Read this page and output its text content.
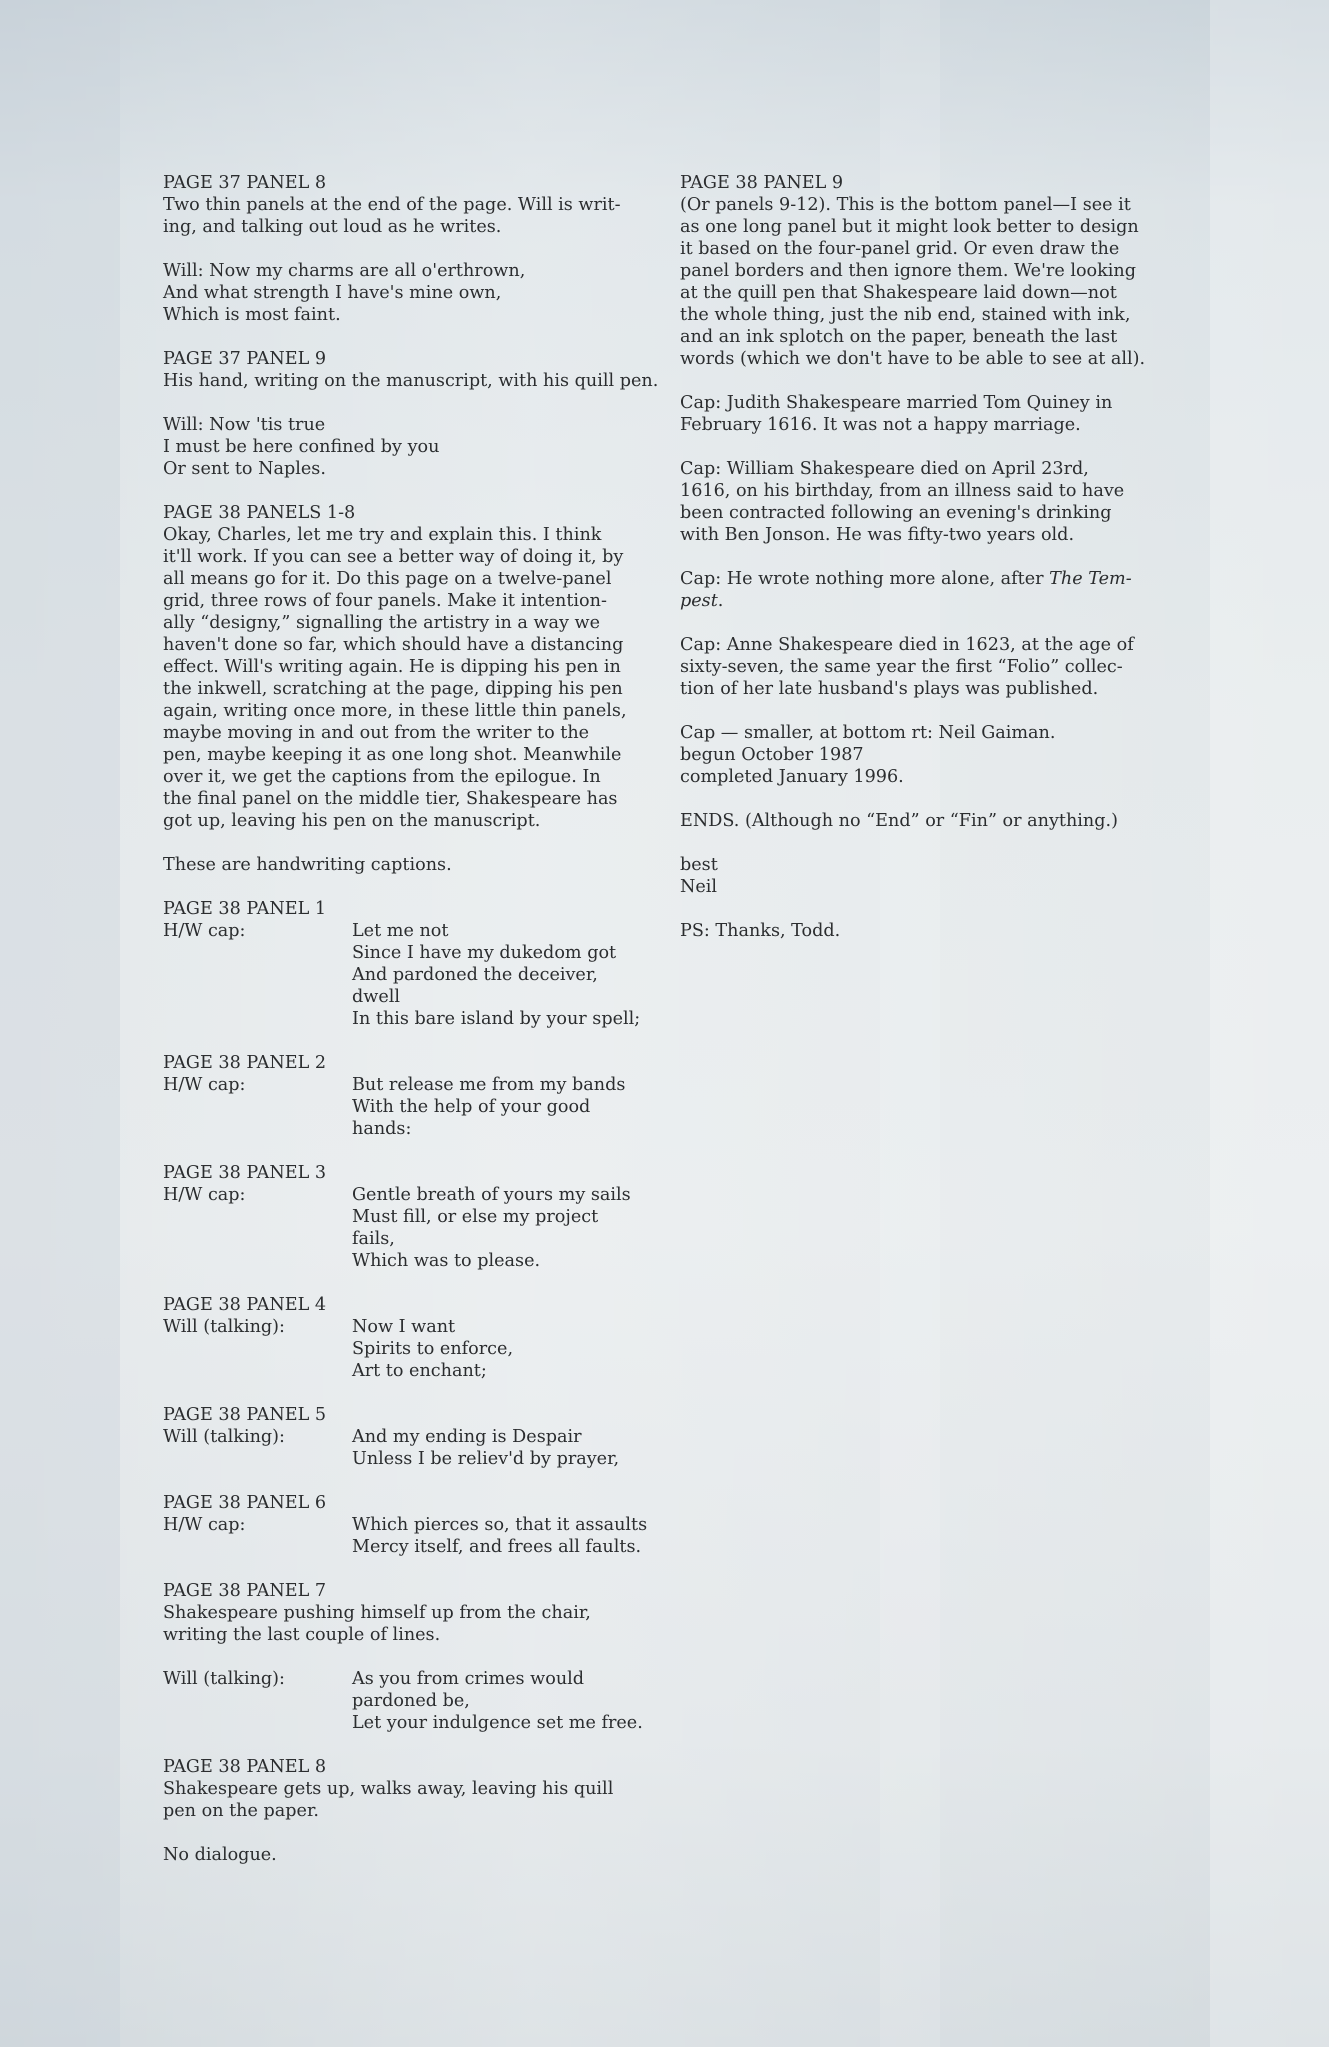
PAGE 37 PANEL 8
Two thin panels at the end of the page. Will is writ-
ing, and talking out loud as he writes.
Will: Now my charms are all o'erthrown,
And what strength I have's mine own,
Which is most faint.
PAGE 37 PANEL 9
His hand, writing on the manuscript, with his quill pen.
Will: Now 'tis true
I must be here confined by you
Or sent to Naples.
PAGE 38 PANELS 1-8
Okay, Charles, let me try and explain this. I think
it'll work. If you can see a better way of doing it, by
all means go for it. Do this page on a twelve-panel
grid, three rows of four panels. Make it intention-
ally “designy,” signalling the artistry in a way we
haven't done so far, which should have a distancing
effect. Will's writing again. He is dipping his pen in
the inkwell, scratching at the page, dipping his pen
again, writing once more, in these little thin panels,
maybe moving in and out from the writer to the
pen, maybe keeping it as one long shot. Meanwhile
over it, we get the captions from the epilogue. In
the final panel on the middle tier, Shakespeare has
got up, leaving his pen on the manuscript.
These are handwriting captions.
PAGE 38 PANEL 1
H/W cap:	Let me not
Since I have my dukedom got
And pardoned the deceiver,
dwell
In this bare island by your spell;
PAGE 38 PANEL 2
H/W cap:	But release me from my bands
With the help of your good
hands:
PAGE 38 PANEL 3
H/W cap:	Gentle breath of yours my sails
Must fill, or else my project
fails,
Which was to please.
PAGE 38 PANEL 4
Will (talking):	Now I want
Spirits to enforce,
Art to enchant;
PAGE 38 PANEL 5
Will (talking):	And my ending is Despair
Unless I be reliev'd by prayer,
PAGE 38 PANEL 6
H/W cap:	Which pierces so, that it assaults
Mercy itself, and frees all faults.
PAGE 38 PANEL 7
Shakespeare pushing himself up from the chair,
writing the last couple of lines.
Will (talking):	As you from crimes would
pardoned be,
Let your indulgence set me free.
PAGE 38 PANEL 8
Shakespeare gets up, walks away, leaving his quill
pen on the paper.
No dialogue.
PAGE 38 PANEL 9
(Or panels 9-12). This is the bottom panel—I see it
as one long panel but it might look better to design
it based on the four-panel grid. Or even draw the
panel borders and then ignore them. We're looking
at the quill pen that Shakespeare laid down—not
the whole thing, just the nib end, stained with ink,
and an ink splotch on the paper, beneath the last
words (which we don't have to be able to see at all).
Cap: Judith Shakespeare married Tom Quiney in
February 1616. It was not a happy marriage.
Cap: William Shakespeare died on April 23rd,
1616, on his birthday, from an illness said to have
been contracted following an evening's drinking
with Ben Jonson. He was fifty-two years old.
Cap: He wrote nothing more alone, after The Tem-
pest.
Cap: Anne Shakespeare died in 1623, at the age of
sixty-seven, the same year the first “Folio” collec-
tion of her late husband's plays was published.
Cap — smaller, at bottom rt: Neil Gaiman.
begun October 1987
completed January 1996.
ENDS. (Although no “End” or “Fin” or anything.)
best
Neil
PS: Thanks, Todd.
